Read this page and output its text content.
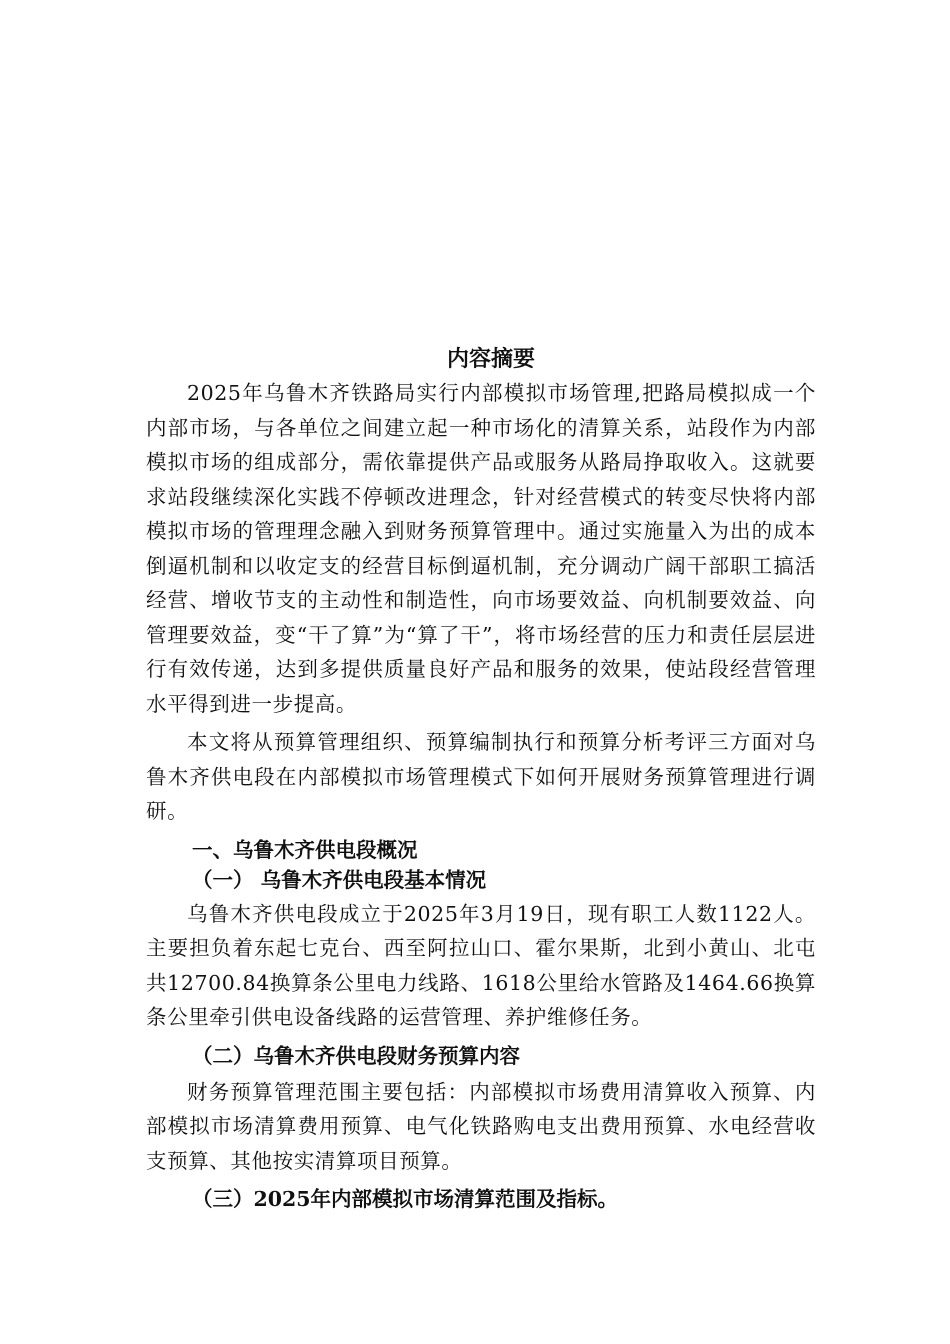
内容摘要

2025年乌鲁木齐铁路局实行内部模拟市场管理,把路局模拟成一个内部市场，与各单位之间建立起一种市场化的清算关系，站段作为内部模拟市场的组成部分，需依靠提供产品或服务从路局挣取收入。这就要求站段继续深化实践不停顿改进理念，针对经营模式的转变尽快将内部模拟市场的管理理念融入到财务预算管理中。通过实施量入为出的成本倒逼机制和以收定支的经营目标倒逼机制，充分调动广阔干部职工搞活经营、增收节支的主动性和制造性，向市场要效益、向机制要效益、向管理要效益，变“干了算”为“算了干”，将市场经营的压力和责任层层进行有效传递，达到多提供质量良好产品和服务的效果，使站段经营管理水平得到进一步提高。

本文将从预算管理组织、预算编制执行和预算分析考评三方面对乌鲁木齐供电段在内部模拟市场管理模式下如何开展财务预算管理进行调研。

一、乌鲁木齐供电段概况
（一） 乌鲁木齐供电段基本情况

乌鲁木齐供电段成立于2025年3月19日，现有职工人数1122人。主要担负着东起七克台、西至阿拉山口、霍尔果斯，北到小黄山、北屯共12700.84换算条公里电力线路、1618公里给水管路及1464.66换算条公里牵引供电设备线路的运营管理、养护维修任务。

（二）乌鲁木齐供电段财务预算内容

财务预算管理范围主要包括：内部模拟市场费用清算收入预算、内部模拟市场清算费用预算、电气化铁路购电支出费用预算、水电经营收支预算、其他按实清算项目预算。

（三）2025年内部模拟市场清算范围及指标。
